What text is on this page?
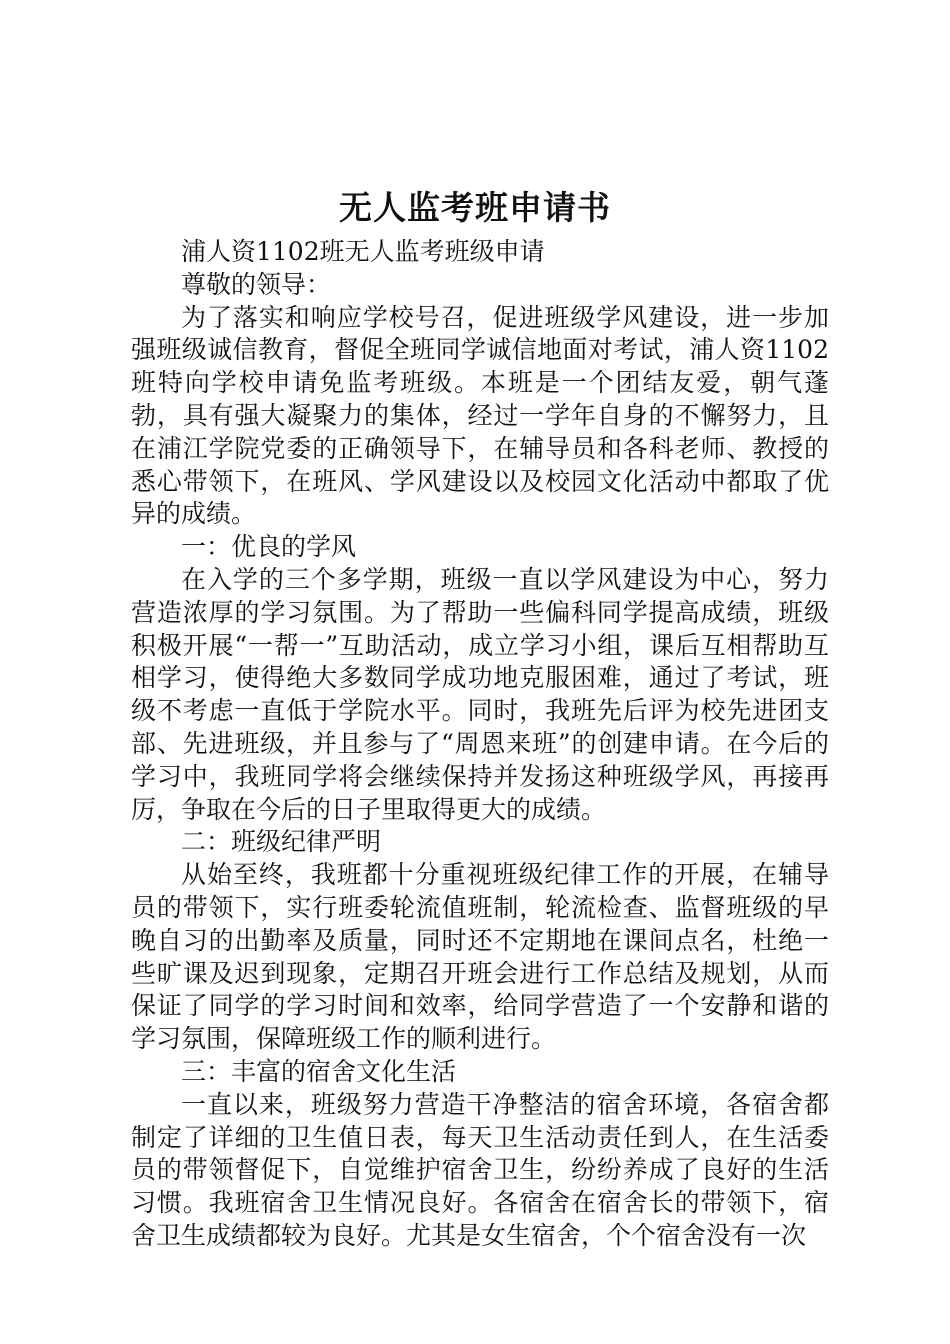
无人监考班申请书

浦人资1102班无人监考班级申请

尊敬的领导：

为了落实和响应学校号召，促进班级学风建设，进一步加强班级诚信教育，督促全班同学诚信地面对考试，浦人资1102班特向学校申请免监考班级。本班是一个团结友爱，朝气蓬勃，具有强大凝聚力的集体，经过一学年自身的不懈努力，且在浦江学院党委的正确领导下，在辅导员和各科老师、教授的悉心带领下，在班风、学风建设以及校园文化活动中都取了优异的成绩。

一：优良的学风

在入学的三个多学期，班级一直以学风建设为中心，努力营造浓厚的学习氛围。为了帮助一些偏科同学提高成绩，班级积极开展“一帮一”互助活动，成立学习小组，课后互相帮助互相学习，使得绝大多数同学成功地克服困难，通过了考试，班级不考虑一直低于学院水平。同时，我班先后评为校先进团支部、先进班级，并且参与了“周恩来班”的创建申请。在今后的学习中，我班同学将会继续保持并发扬这种班级学风，再接再厉，争取在今后的日子里取得更大的成绩。

二：班级纪律严明

从始至终，我班都十分重视班级纪律工作的开展，在辅导员的带领下，实行班委轮流值班制，轮流检查、监督班级的早晚自习的出勤率及质量，同时还不定期地在课间点名，杜绝一些旷课及迟到现象，定期召开班会进行工作总结及规划，从而保证了同学的学习时间和效率，给同学营造了一个安静和谐的学习氛围，保障班级工作的顺利进行。

三：丰富的宿舍文化生活

一直以来，班级努力营造干净整洁的宿舍环境，各宿舍都制定了详细的卫生值日表，每天卫生活动责任到人，在生活委员的带领督促下，自觉维护宿舍卫生，纷纷养成了良好的生活习惯。我班宿舍卫生情况良好。各宿舍在宿舍长的带领下，宿舍卫生成绩都较为良好。尤其是女生宿舍，个个宿舍没有一次
